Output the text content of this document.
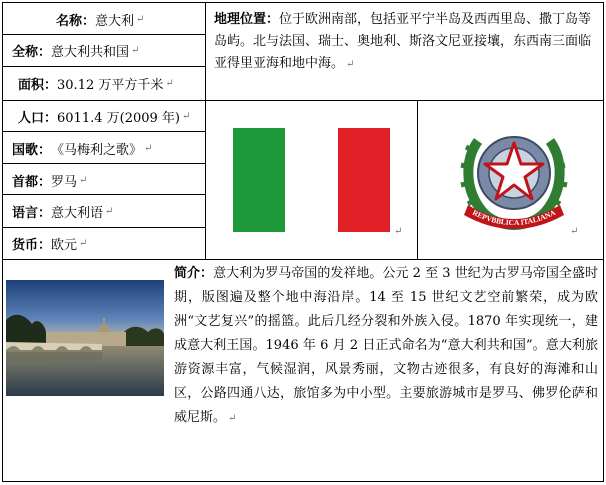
名称： 意大利 ↵
全称： 意大利共和国 ↵
面积： 30.12 万平方千米 ↵
人口： 6011.4 万(2009 年) ↵
国歌： 《马梅利之歌》 ↵
首都： 罗马 ↵
语言： 意大利语 ↵
货币： 欧元 ↵
地理位置：位于欧洲南部，包括亚平宁半岛及西西里岛、撒丁岛等岛屿。北与法国、瑞士、奥地利、斯洛文尼亚接壤，东西南三面临亚得里亚海和地中海。 ↵
↵
REPVBBLICA ITALIANA
↵
简介：意大利为罗马帝国的发祥地。公元 2 至 3 世纪为古罗马帝国全盛时期，版图遍及整个地中海沿岸。14 至 15 世纪文艺空前繁荣，成为欧洲“文艺复兴”的摇篮。此后几经分裂和外族入侵。1870 年实现统一，建成意大利王国。1946 年 6 月 2 日正式命名为“意大利共和国”。意大利旅游资源丰富，气候湿润，风景秀丽，文物古迹很多，有良好的海滩和山区，公路四通八达，旅馆多为中小型。主要旅游城市是罗马、佛罗伦萨和威尼斯。 ↵
